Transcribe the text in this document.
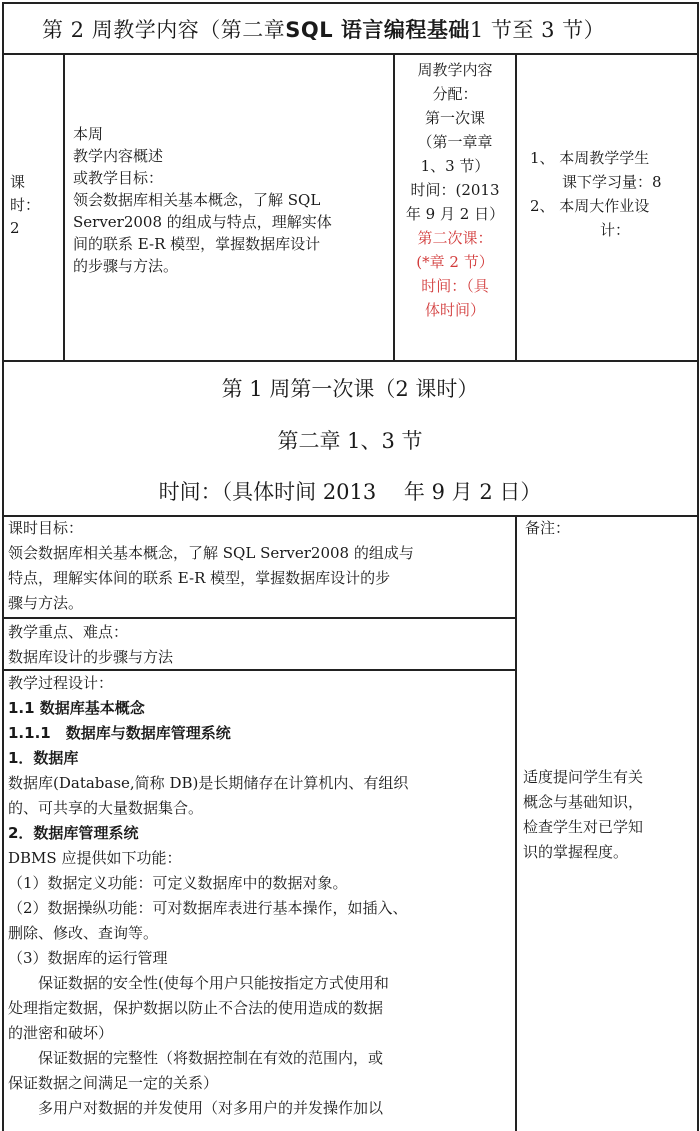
第 2 周教学内容（第二章SQL 语言编程基础1 节至 3 节）
课
时：
2
本周
教学内容概述
或教学目标：
领会数据库相关基本概念，了解 SQL
Server2008 的组成与特点，理解实体
间的联系 E-R 模型，掌握数据库设计
的步骤与方法。
周教学内容
分配：
第一次课
（第一章章
1、3 节）
时间：(2013
年 9 月 2 日）
第二次课：
(*章 2 节）
时间：（具
体时间）
1、 本周教学学生
课下学习量：8
2、 本周大作业设
计：
第 1 周第一次课（2 课时）
第二章 1、3 节
时间：（具体时间 2013　 年 9 月 2 日）
课时目标：
领会数据库相关基本概念，了解 SQL Server2008 的组成与
特点，理解实体间的联系 E-R 模型，掌握数据库设计的步
骤与方法。
教学重点、难点：
数据库设计的步骤与方法
备注：
适度提问学生有关
概念与基础知识，
检查学生对已学知
识的掌握程度。
教学过程设计：
1.1 数据库基本概念
1.1.1　数据库与数据库管理系统
1．数据库
数据库(Database,简称 DB)是长期储存在计算机内、有组织
的、可共享的大量数据集合。
2．数据库管理系统
DBMS 应提供如下功能：
（1）数据定义功能：可定义数据库中的数据对象。
（2）数据操纵功能：可对数据库表进行基本操作，如插入、
删除、修改、查询等。
（3）数据库的运行管理
　　保证数据的安全性(使每个用户只能按指定方式使用和
处理指定数据，保护数据以防止不合法的使用造成的数据
的泄密和破坏）
　　保证数据的完整性（将数据控制在有效的范围内，或
保证数据之间满足一定的关系）
　　多用户对数据的并发使用（对多用户的并发操作加以
